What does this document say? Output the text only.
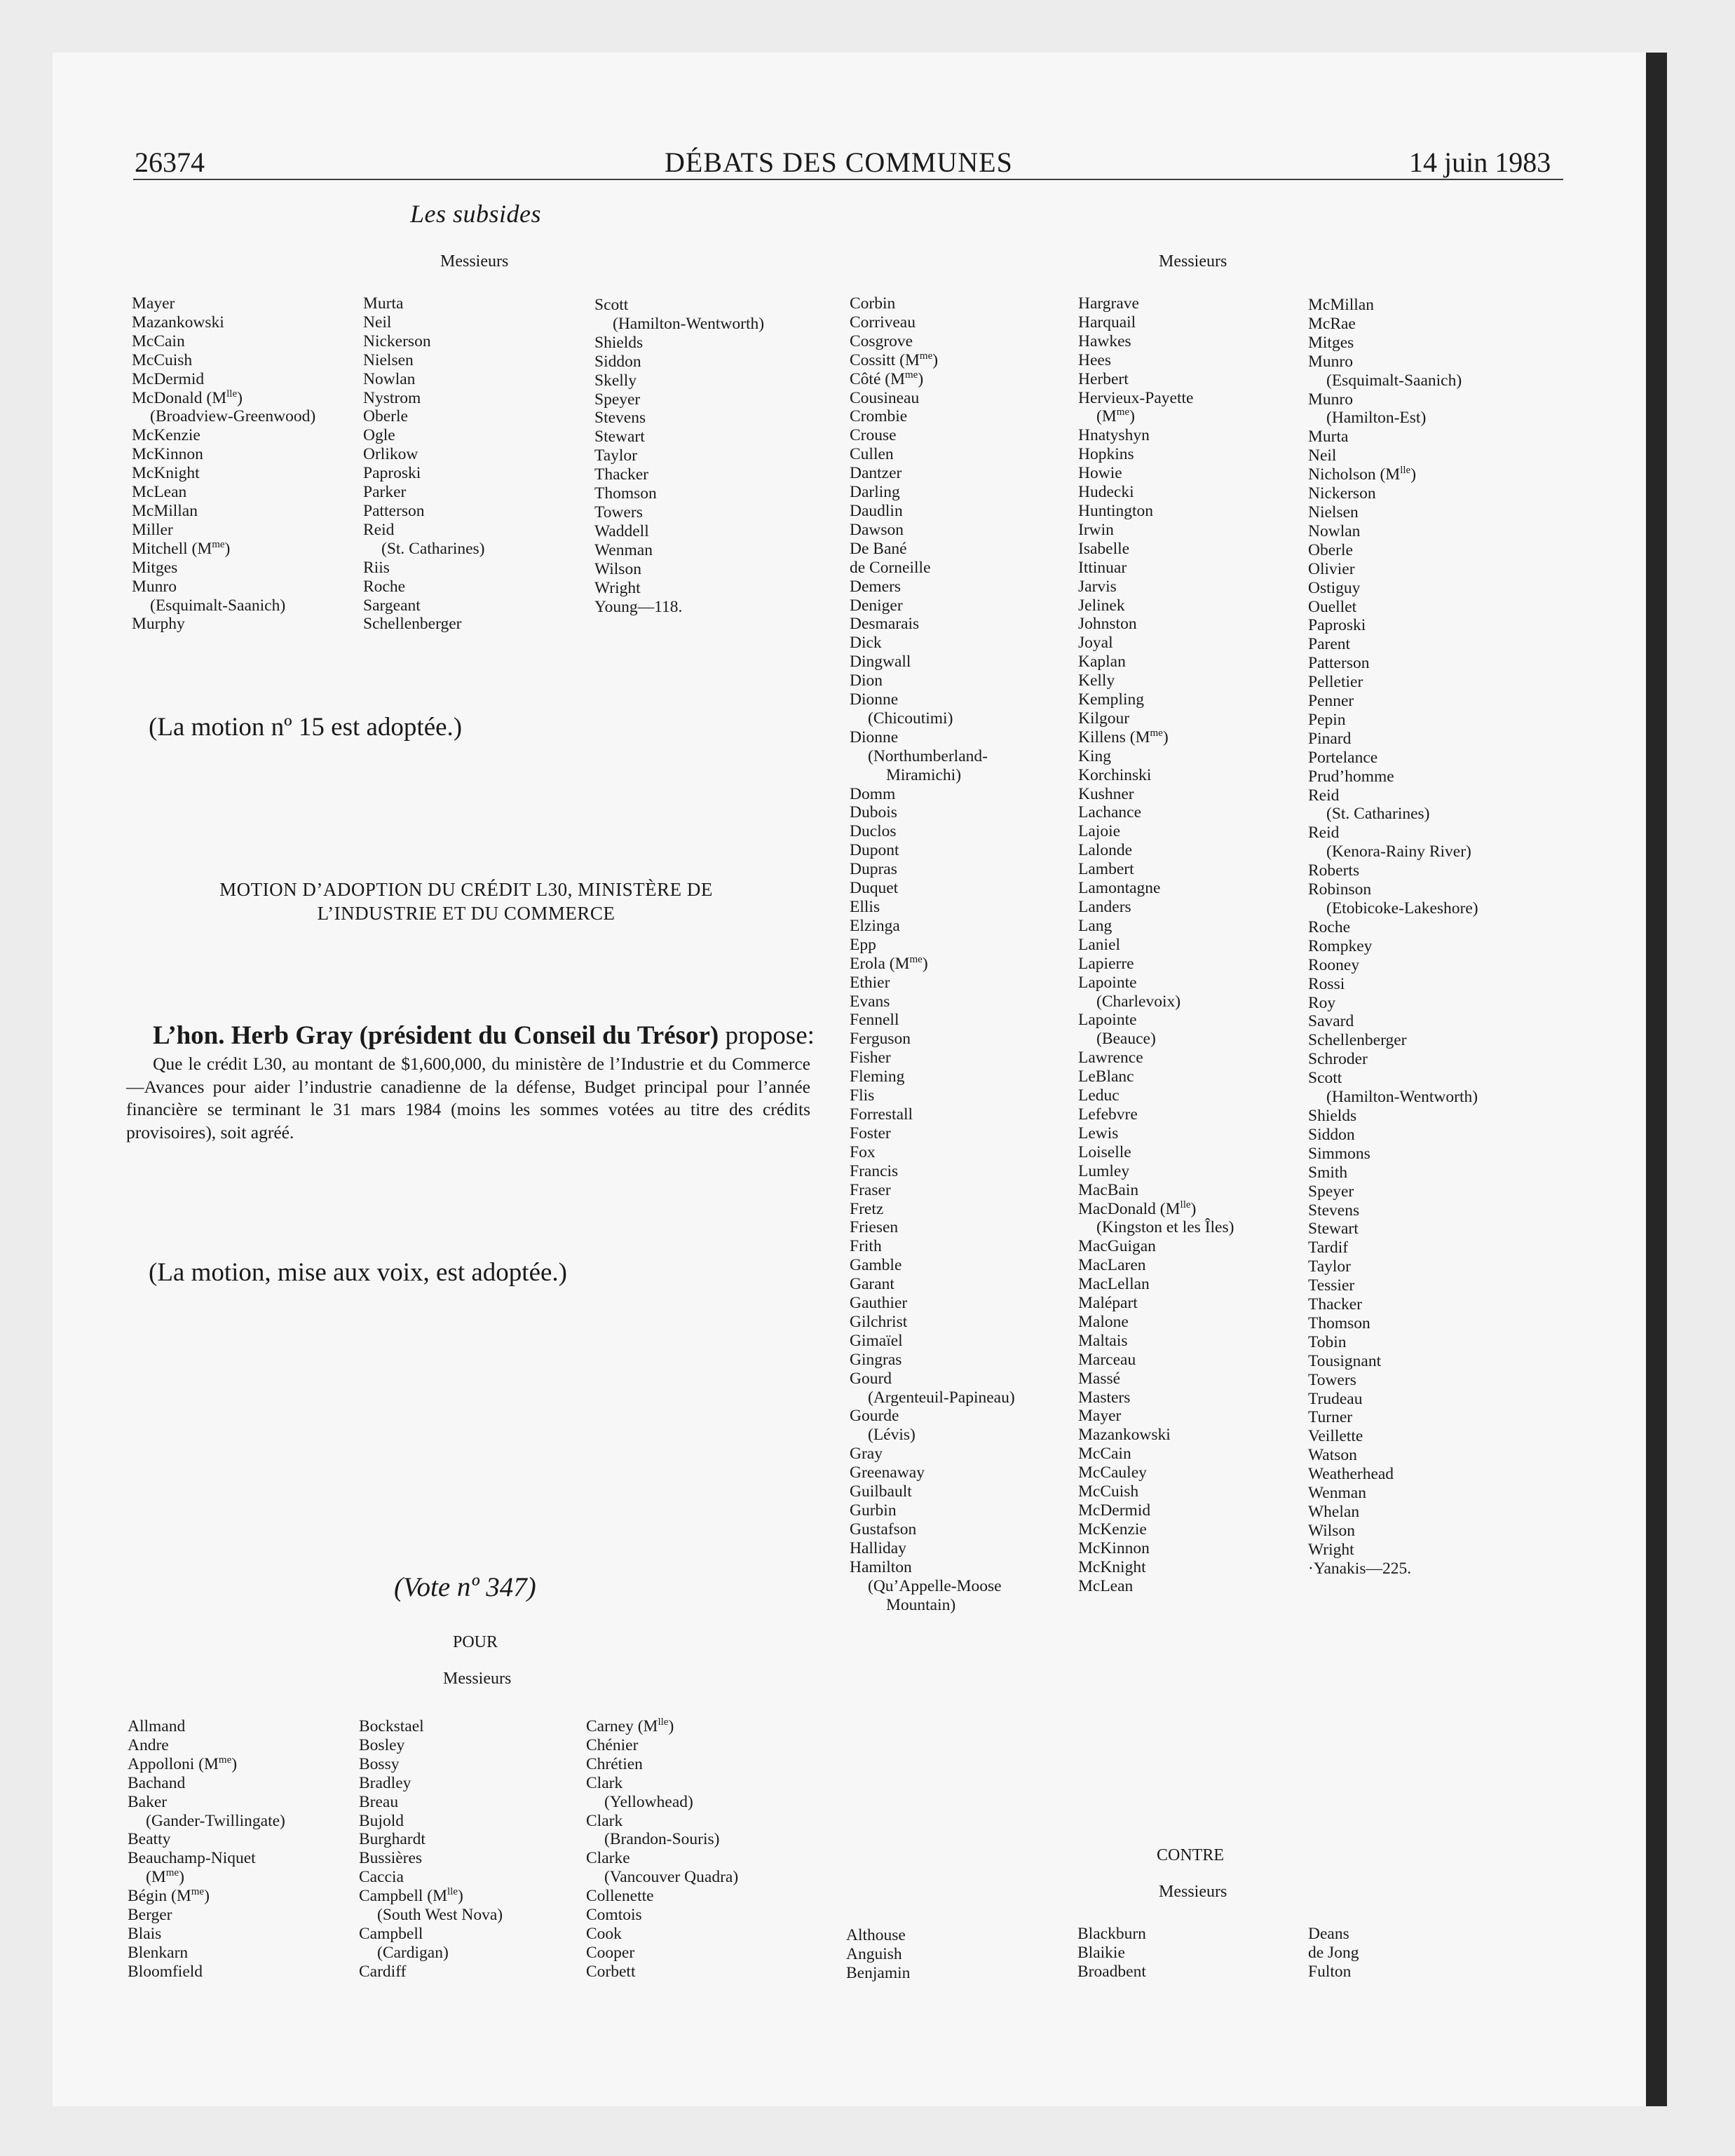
26374	DÉBATS DES COMMUNES	14 juin 1983
Les subsides
Messieurs	Messieurs
Mayer
Mazankowski
McCain
McCuish
McDermid
McDonald $(M^{lle})$
(Broadview-Greenwood)
McKenzie
McKinnon
McKnight
McLean
McMillan
Miller
Mitchell $(M^{me})$
Mitges
Munro
(Esquimalt-Saanich)
Murphy
Murta
Neil
Nickerson
Nielsen
Nowlan
Nystrom
Oberle
Ogle
Orlikow
Paproski
Parker
Patterson
Reid
(St. Catharines)
Riis
Roche
Sargeant
Schellenberger
Scott
(Hamilton-Wentworth)
Shields
Siddon
Skelly
Speyer
Stevens
Stewart
Taylor
Thacker
Thomson
Towers
Waddell
Wenman
Wilson
Wright
Young—118.
(La motion nº 15 est adoptée.)
MOTION D’ADOPTION DU CRÉDIT L30, MINISTÈRE DE
L’INDUSTRIE ET DU COMMERCE
L’hon. Herb Gray (président du Conseil du Trésor) propose:
Que le crédit L30, au montant de $1,600,000, du ministère de l’Industrie et du Commerce—Avances pour aider l’industrie canadienne de la défense, Budget principal pour l’année financière se terminant le 31 mars 1984 (moins les sommes votées au titre des crédits provisoires), soit agréé.
(La motion, mise aux voix, est adoptée.)
(Vote nº 347)
POUR
Messieurs
Allmand
Andre
Appolloni $(M^{me})$
Bachand
Baker
(Gander-Twillingate)
Beatty
Beauchamp-Niquet
$(M^{me})$
Bégin $(M^{me})$
Berger
Blais
Blenkarn
Bloomfield
Bockstael
Bosley
Bossy
Bradley
Breau
Bujold
Burghardt
Bussières
Caccia
Campbell $(M^{lle})$
(South West Nova)
Campbell
(Cardigan)
Cardiff
Carney $(M^{lle})$
Chénier
Chrétien
Clark
(Yellowhead)
Clark
(Brandon-Souris)
Clarke
(Vancouver Quadra)
Collenette
Comtois
Cook
Cooper
Corbett
Corbin
Corriveau
Cosgrove
Cossitt $(M^{me})$
Côté $(M^{me})$
Cousineau
Crombie
Crouse
Cullen
Dantzer
Darling
Daudlin
Dawson
De Bané
de Corneille
Demers
Deniger
Desmarais
Dick
Dingwall
Dion
Dionne
(Chicoutimi)
Dionne
(Northumberland-
Miramichi)
Domm
Dubois
Duclos
Dupont
Dupras
Duquet
Ellis
Elzinga
Epp
Erola $(M^{me})$
Ethier
Evans
Fennell
Ferguson
Fisher
Fleming
Flis
Forrestall
Foster
Fox
Francis
Fraser
Fretz
Friesen
Frith
Gamble
Garant
Gauthier
Gilchrist
Gimaïel
Gingras
Gourd
(Argenteuil-Papineau)
Gourde
(Lévis)
Gray
Greenaway
Guilbault
Gurbin
Gustafson
Halliday
Hamilton
(Qu’Appelle-Moose
Mountain)
Hargrave
Harquail
Hawkes
Hees
Herbert
Hervieux-Payette
$(M^{me})$
Hnatyshyn
Hopkins
Howie
Hudecki
Huntington
Irwin
Isabelle
Ittinuar
Jarvis
Jelinek
Johnston
Joyal
Kaplan
Kelly
Kempling
Kilgour
Killens $(M^{me})$
King
Korchinski
Kushner
Lachance
Lajoie
Lalonde
Lambert
Lamontagne
Landers
Lang
Laniel
Lapierre
Lapointe
(Charlevoix)
Lapointe
(Beauce)
Lawrence
LeBlanc
Leduc
Lefebvre
Lewis
Loiselle
Lumley
MacBain
MacDonald $(M^{lle})$
(Kingston et les Îles)
MacGuigan
MacLaren
MacLellan
Malépart
Malone
Maltais
Marceau
Massé
Masters
Mayer
Mazankowski
McCain
McCauley
McCuish
McDermid
McKenzie
McKinnon
McKnight
McLean
McMillan
McRae
Mitges
Munro
(Esquimalt-Saanich)
Munro
(Hamilton-Est)
Murta
Neil
Nicholson $(M^{lle})$
Nickerson
Nielsen
Nowlan
Oberle
Olivier
Ostiguy
Ouellet
Paproski
Parent
Patterson
Pelletier
Penner
Pepin
Pinard
Portelance
Prud’homme
Reid
(St. Catharines)
Reid
(Kenora-Rainy River)
Roberts
Robinson
(Etobicoke-Lakeshore)
Roche
Rompkey
Rooney
Rossi
Roy
Savard
Schellenberger
Schroder
Scott
(Hamilton-Wentworth)
Shields
Siddon
Simmons
Smith
Speyer
Stevens
Stewart
Tardif
Taylor
Tessier
Thacker
Thomson
Tobin
Tousignant
Towers
Trudeau
Turner
Veillette
Watson
Weatherhead
Wenman
Whelan
Wilson
Wright
·Yanakis—225.
CONTRE
Messieurs
Althouse
Anguish
Benjamin
Blackburn
Blaikie
Broadbent
Deans
de Jong
Fulton
